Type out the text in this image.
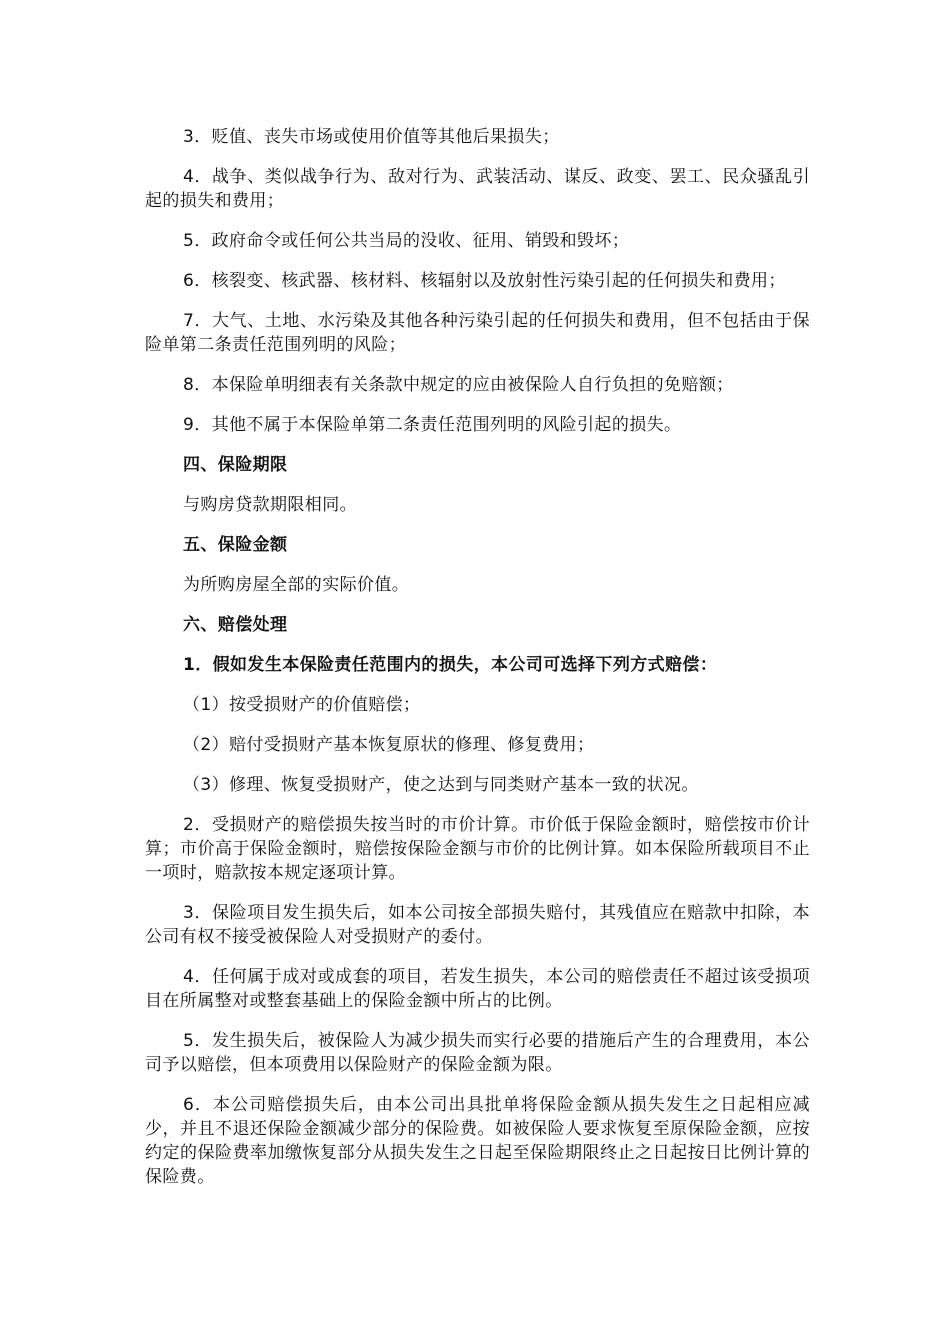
3．贬值、丧失市场或使用价值等其他后果损失；

4．战争、类似战争行为、敌对行为、武装活动、谋反、政变、罢工、民众骚乱引起的损失和费用；

5．政府命令或任何公共当局的没收、征用、销毁和毁坏；

6．核裂变、核武器、核材料、核辐射以及放射性污染引起的任何损失和费用；

7．大气、土地、水污染及其他各种污染引起的任何损失和费用，但不包括由于保险单第二条责任范围列明的风险；

8．本保险单明细表有关条款中规定的应由被保险人自行负担的免赔额；

9．其他不属于本保险单第二条责任范围列明的风险引起的损失。

四、保险期限

与购房贷款期限相同。

五、保险金额

为所购房屋全部的实际价值。

六、赔偿处理

1．假如发生本保险责任范围内的损失，本公司可选择下列方式赔偿：

（1）按受损财产的价值赔偿；

（2）赔付受损财产基本恢复原状的修理、修复费用；

（3）修理、恢复受损财产，使之达到与同类财产基本一致的状况。

2．受损财产的赔偿损失按当时的市价计算。市价低于保险金额时，赔偿按市价计算；市价高于保险金额时，赔偿按保险金额与市价的比例计算。如本保险所载项目不止一项时，赔款按本规定逐项计算。

3．保险项目发生损失后，如本公司按全部损失赔付，其残值应在赔款中扣除，本公司有权不接受被保险人对受损财产的委付。

4．任何属于成对或成套的项目，若发生损失，本公司的赔偿责任不超过该受损项目在所属整对或整套基础上的保险金额中所占的比例。

5．发生损失后，被保险人为减少损失而实行必要的措施后产生的合理费用，本公司予以赔偿，但本项费用以保险财产的保险金额为限。

6．本公司赔偿损失后，由本公司出具批单将保险金额从损失发生之日起相应减少，并且不退还保险金额减少部分的保险费。如被保险人要求恢复至原保险金额，应按约定的保险费率加缴恢复部分从损失发生之日起至保险期限终止之日起按日比例计算的保险费。
